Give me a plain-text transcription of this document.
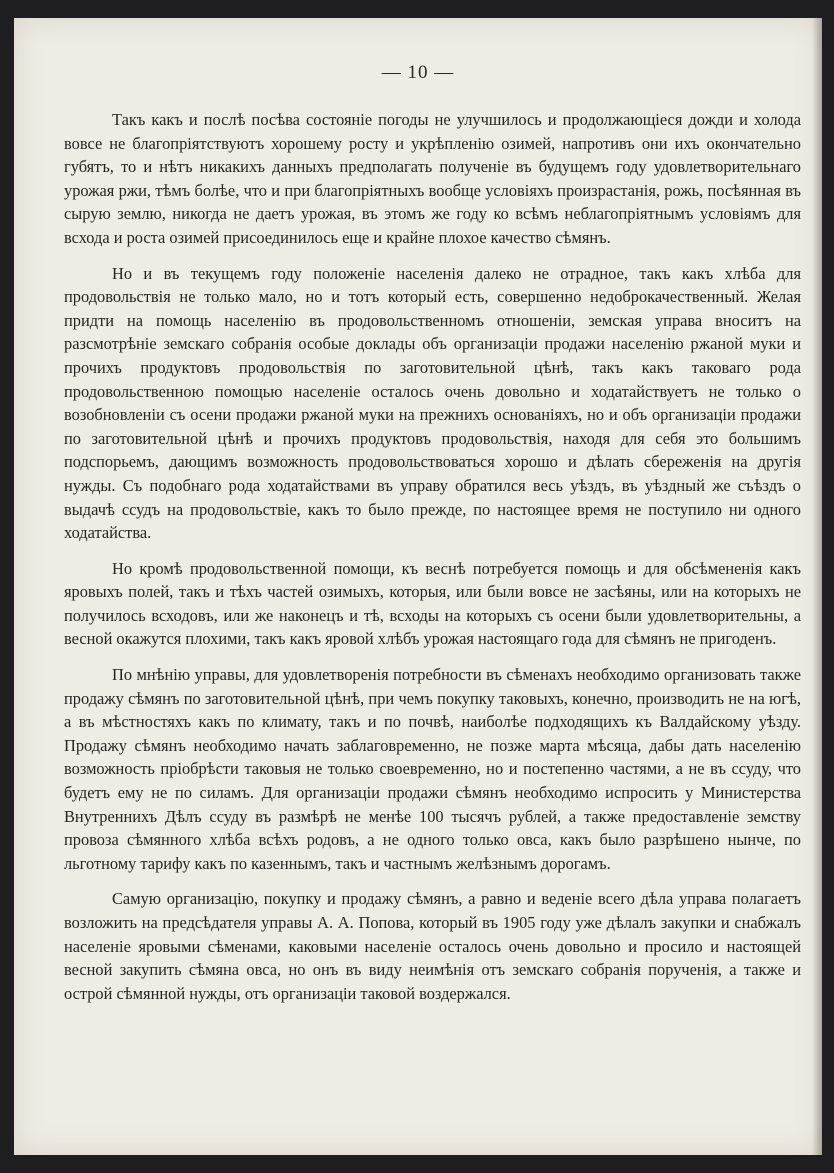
— 10 —

Такъ какъ и послѣ посѣва состояніе погоды не улучшилось и продолжающіеся дожди и холода вовсе не благопріятствуютъ хорошему росту и укрѣпленію озимей, напротивъ они ихъ окончательно губятъ, то и нѣтъ никакихъ данныхъ предполагать полученіе въ будущемъ году удовлетворительнаго урожая ржи, тѣмъ болѣе, что и при благопріятныхъ вообще условіяхъ произрастанія, рожь, посѣянная въ сырую землю, никогда не даетъ урожая, въ этомъ же году ко всѣмъ неблагопріятнымъ условіямъ для всхода и роста озимей присоединилось еще и крайне плохое качество сѣмянъ.

Но и въ текущемъ году положеніе населенія далеко не отрадное, такъ какъ хлѣба для продовольствія не только мало, но и тотъ который есть, совершенно недоброкачественный. Желая придти на помощь населенію въ продовольственномъ отношеніи, земская управа вноситъ на разсмотрѣніе земскаго собранія особые доклады объ организаціи продажи населенію ржаной муки и прочихъ продуктовъ продовольствія по заготовительной цѣнѣ, такъ какъ таковаго рода продовольственною помощью населеніе осталось очень довольно и ходатайствуетъ не только о возобновленіи съ осени продажи ржаной муки на прежнихъ основаніяхъ, но и объ организаціи продажи по заготовительной цѣнѣ и прочихъ продуктовъ продовольствія, находя для себя это большимъ подспорьемъ, дающимъ возможность продовольствоваться хорошо и дѣлать сбереженія на другія нужды. Съ подобнаго рода ходатайствами въ управу обратился весь уѣздъ, въ уѣздный же съѣздъ о выдачѣ ссудъ на продовольствіе, какъ то было прежде, по настоящее время не поступило ни одного ходатайства.

Но кромѣ продовольственной помощи, къ веснѣ потребуется помощь и для обсѣмененія какъ яровыхъ полей, такъ и тѣхъ частей озимыхъ, которыя, или были вовсе не засѣяны, или на которыхъ не получилось всходовъ, или же наконецъ и тѣ, всходы на которыхъ съ осени были удовлетворительны, а весной окажутся плохими, такъ какъ яровой хлѣбъ урожая настоящаго года для сѣмянъ не пригоденъ.

По мнѣнію управы, для удовлетворенія потребности въ сѣменахъ необходимо организовать также продажу сѣмянъ по заготовительной цѣнѣ, при чемъ покупку таковыхъ, конечно, производить не на югѣ, а въ мѣстностяхъ какъ по климату, такъ и по почвѣ, наиболѣе подходящихъ къ Валдайскому уѣзду. Продажу сѣмянъ необходимо начать заблаговременно, не позже марта мѣсяца, дабы дать населенію возможность пріобрѣсти таковыя не только своевременно, но и постепенно частями, а не въ ссуду, что будетъ ему не по силамъ. Для организаціи продажи сѣмянъ необходимо испросить у Министерства Внутреннихъ Дѣлъ ссуду въ размѣрѣ не менѣе 100 тысячъ рублей, а также предоставленіе земству провоза сѣмянного хлѣба всѣхъ родовъ, а не одного только овса, какъ было разрѣшено нынче, по льготному тарифу какъ по казеннымъ, такъ и частнымъ желѣзнымъ дорогамъ.

Самую организацію, покупку и продажу сѣмянъ, а равно и веденіе всего дѣла управа полагаетъ возложить на предсѣдателя управы А. А. Попова, который въ 1905 году уже дѣлалъ закупки и снабжалъ населеніе яровыми сѣменами, каковыми населеніе осталось очень довольно и просило и настоящей весной закупить сѣмяна овса, но онъ въ виду неимѣнія отъ земскаго собранія порученія, а также и острой сѣмянной нужды, отъ организаціи таковой воздержался.
